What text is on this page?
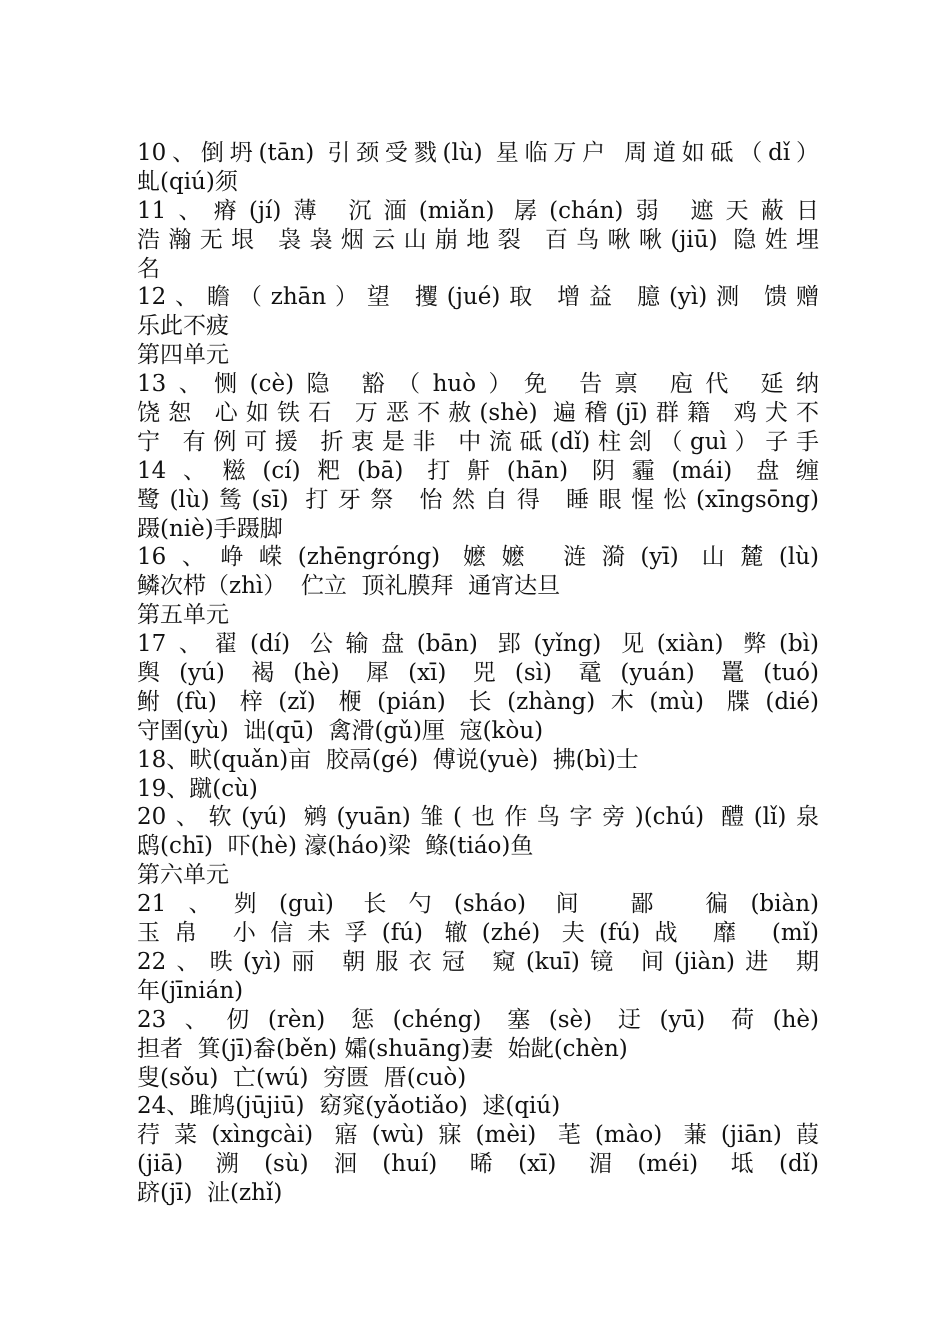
10、倒坍(tān) 引颈受戮(lù) 星临万户 周道如砥（dǐ）
虬(qiú)须
11、瘠(jí)薄 沉湎(miǎn) 孱(chán)弱 遮天蔽日
浩瀚无垠 袅袅烟云山崩地裂 百鸟啾啾(jiū) 隐姓埋
名
12、瞻（zhān）望 攫(jué)取 增益 臆(yì)测 馈赠
乐此不疲
第四单元
13、恻(cè)隐 豁（huò）免 告禀 庖代 延纳
饶恕 心如铁石 万恶不赦(shè) 遍稽(jī)群籍 鸡犬不
宁 有例可援 折衷是非 中流砥(dǐ)柱刽（guì）子手
14、糍(cí)粑(bā) 打鼾(hān) 阴霾(mái) 盘缠
鹭(lù)鸶(sī) 打牙祭 怡然自得 睡眼惺忪(xīngsōng)
蹑(niè)手蹑脚
16、峥嵘(zhēngróng) 嬷嬷 涟漪(yī) 山麓(lù)
鳞次栉（zhì）  伫立  顶礼膜拜  通宵达旦
第五单元
17、翟(dí) 公输盘(bān) 郢(yǐng) 见(xiàn) 弊(bì)
舆(yú) 褐(hè) 犀(xī) 兕(sì) 鼋(yuán) 鼍(tuó)
鲋(fù) 梓(zǐ) 楩(pián) 长(zhàng)木(mù) 牒(dié)
守圉(yù)  诎(qū)  禽滑(gǔ)厘  寇(kòu)
18、畎(quǎn)亩  胶鬲(gé)  傅说(yuè)  拂(bì)士
19、蹴(cù)
20、软(yú) 鹓(yuān)雏(也作鸟字旁)(chú) 醴(lǐ)泉
鸱(chī)  吓(hè) 濠(háo)梁  鲦(tiáo)鱼
第六单元
21、刿(guì) 长勺(sháo) 间 鄙 徧(biàn)
玉帛 小信未孚(fú) 辙(zhé) 夫(fú)战 靡 (mǐ)
22、昳(yì)丽 朝服衣冠 窥(kuī)镜 间(jiàn)进 期
年(jīnián)
23、仞(rèn) 惩(chéng) 塞(sè) 迂(yū) 荷(hè)
担者  箕(jī)畚(běn) 孀(shuāng)妻  始龀(chèn)
叟(sǒu)  亡(wú)  穷匮  厝(cuò)
24、雎鸠(jūjiū)  窈窕(yǎotiǎo)  逑(qiú)
荇菜(xìngcài) 寤(wù)寐(mèi) 芼(mào) 蒹(jiān)葭
(jiā) 溯(sù)洄(huí) 晞(xī) 湄(méi) 坻(dǐ)
跻(jī)  沚(zhǐ)
